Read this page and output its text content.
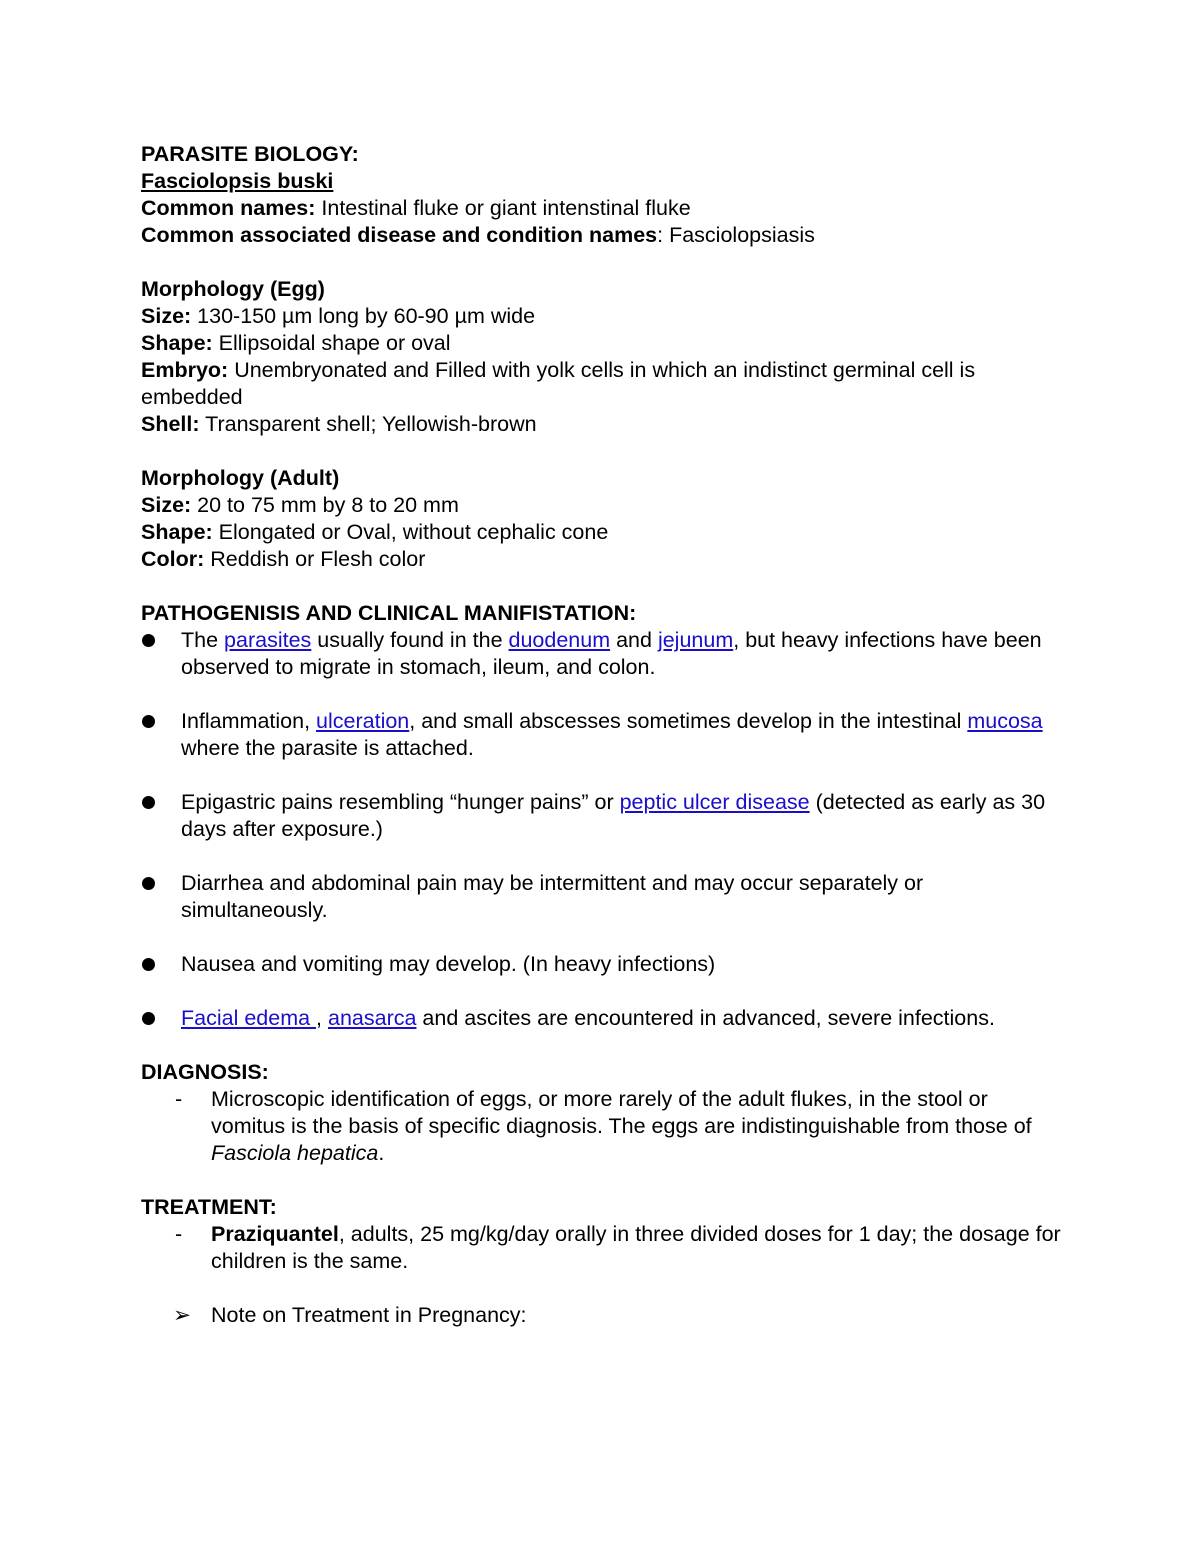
PARASITE BIOLOGY:
Fasciolopsis buski
Common names: Intestinal fluke or giant intenstinal fluke
Common associated disease and condition names: Fasciolopsiasis
Morphology (Egg)
Size: 130-150 µm long by 60-90 µm wide
Shape: Ellipsoidal shape or oval
Embryo: Unembryonated and Filled with yolk cells in which an indistinct germinal cell is embedded
Shell: Transparent shell; Yellowish-brown
Morphology (Adult)
Size: 20 to 75 mm by 8 to 20 mm
Shape: Elongated or Oval, without cephalic cone
Color: Reddish or Flesh color
PATHOGENISIS AND CLINICAL MANIFISTATION:
The parasites usually found in the duodenum and jejunum, but heavy infections have been observed to migrate in stomach, ileum, and colon.
Inflammation, ulceration, and small abscesses sometimes develop in the intestinal mucosa where the parasite is attached.
Epigastric pains resembling “hunger pains” or peptic ulcer disease (detected as early as 30 days after exposure.)
Diarrhea and abdominal pain may be intermittent and may occur separately or simultaneously.
Nausea and vomiting may develop. (In heavy infections)
Facial edema , anasarca and ascites are encountered in advanced, severe infections.
DIAGNOSIS:
- Microscopic identification of eggs, or more rarely of the adult flukes, in the stool or vomitus is the basis of specific diagnosis. The eggs are indistinguishable from those of Fasciola hepatica.
TREATMENT:
- Praziquantel, adults, 25 mg/kg/day orally in three divided doses for 1 day; the dosage for children is the same.
➢ Note on Treatment in Pregnancy:
